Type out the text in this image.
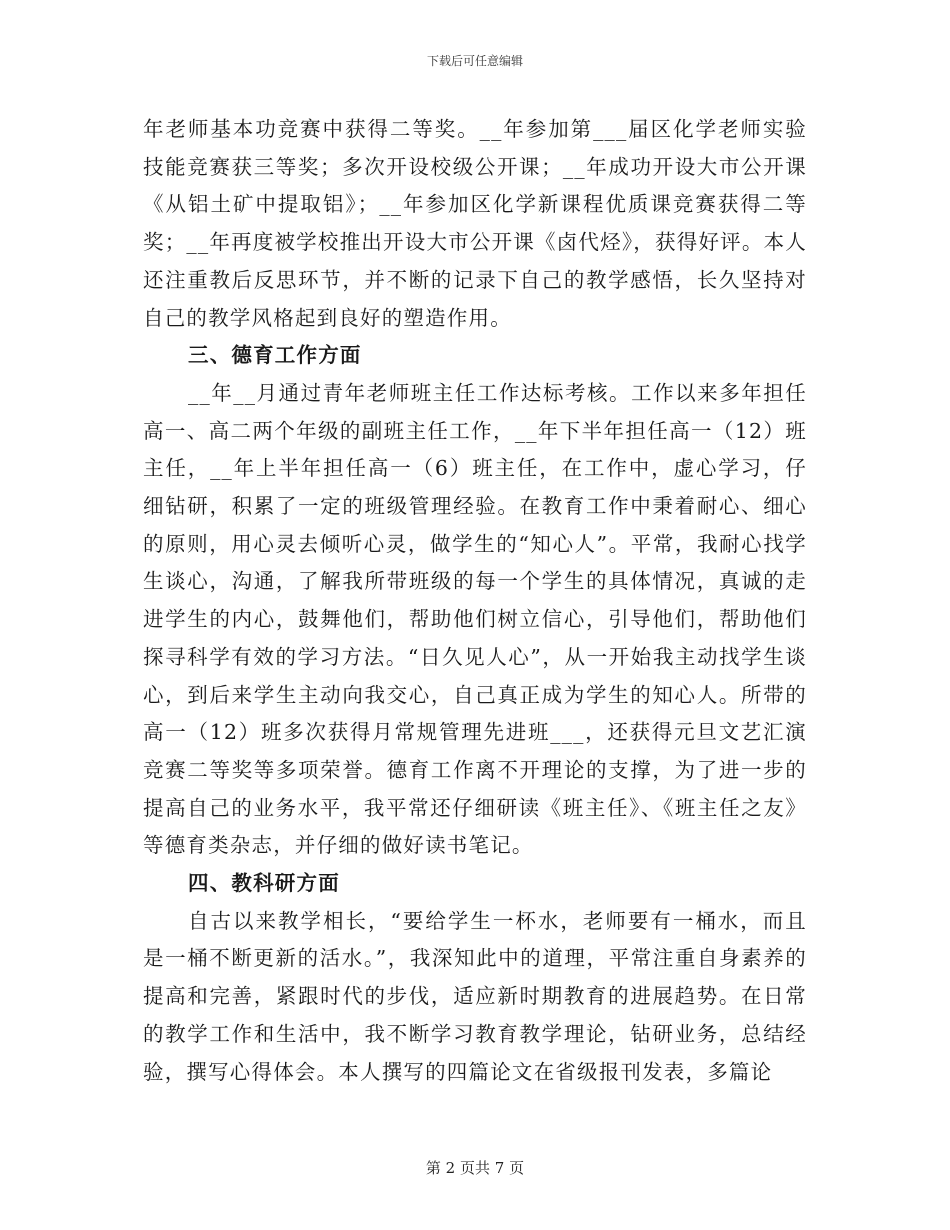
下载后可任意编辑

年老师基本功竞赛中获得二等奖。__年参加第___届区化学老师实验技能竞赛获三等奖；多次开设校级公开课；__年成功开设大市公开课《从铝土矿中提取铝》；__年参加区化学新课程优质课竞赛获得二等奖；__年再度被学校推出开设大市公开课《卤代烃》，获得好评。本人还注重教后反思环节，并不断的记录下自己的教学感悟，长久坚持对自己的教学风格起到良好的塑造作用。

三、德育工作方面

__年__月通过青年老师班主任工作达标考核。工作以来多年担任高一、高二两个年级的副班主任工作，__年下半年担任高一（12）班主任，__年上半年担任高一（6）班主任，在工作中，虚心学习，仔细钻研，积累了一定的班级管理经验。在教育工作中秉着耐心、细心的原则，用心灵去倾听心灵，做学生的“知心人”。平常，我耐心找学生谈心，沟通，了解我所带班级的每一个学生的具体情况，真诚的走进学生的内心，鼓舞他们，帮助他们树立信心，引导他们，帮助他们探寻科学有效的学习方法。“日久见人心”，从一开始我主动找学生谈心，到后来学生主动向我交心，自己真正成为学生的知心人。所带的高一（12）班多次获得月常规管理先进班___，还获得元旦文艺汇演竞赛二等奖等多项荣誉。德育工作离不开理论的支撑，为了进一步的提高自己的业务水平，我平常还仔细研读《班主任》、《班主任之友》等德育类杂志，并仔细的做好读书笔记。

四、教科研方面

自古以来教学相长，“要给学生一杯水，老师要有一桶水，而且是一桶不断更新的活水。”，我深知此中的道理，平常注重自身素养的提高和完善，紧跟时代的步伐，适应新时期教育的进展趋势。在日常的教学工作和生活中，我不断学习教育教学理论，钻研业务，总结经验，撰写心得体会。本人撰写的四篇论文在省级报刊发表，多篇论

第 2 页共 7 页
